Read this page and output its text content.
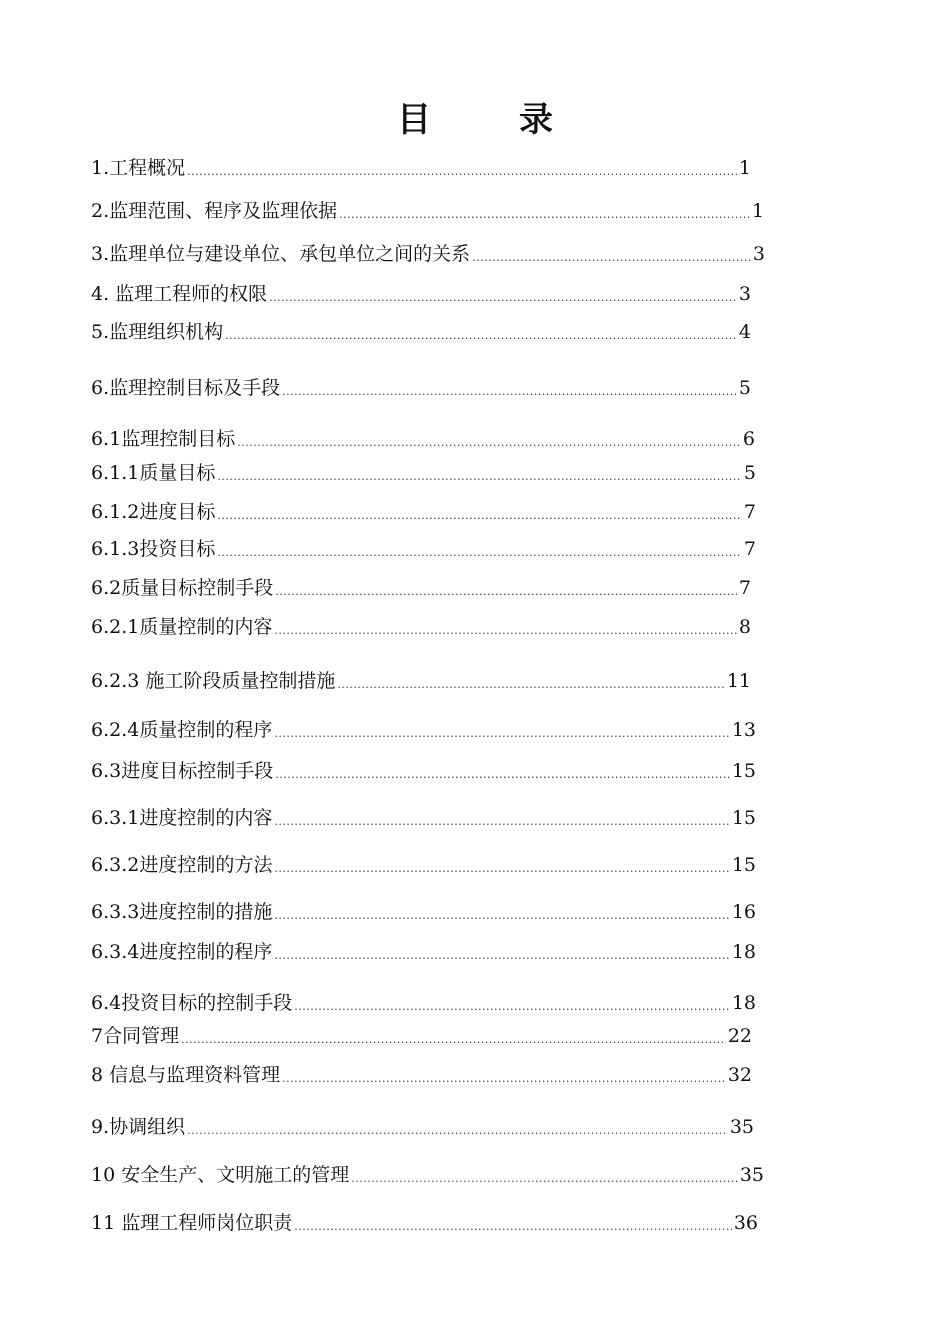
目	录
1.工程概况 .....	1
2.监理范围、程序及监理依据 .....	1
3.监理单位与建设单位、承包单位之间的关系 .....	3
4. 监理工程师的权限 .....	3
5.监理组织机构 .....	4
6.监理控制目标及手段 .....	5
6.1监理控制目标 .....	6
6.1.1质量目标 .....	5
6.1.2进度目标 .....	7
6.1.3投资目标 .....	7
6.2质量目标控制手段 .....	7
6.2.1质量控制的内容 .....	8
6.2.3 施工阶段质量控制措施 .....	11
6.2.4质量控制的程序 .....	13
6.3进度目标控制手段 .....	15
6.3.1进度控制的内容 .....	15
6.3.2进度控制的方法 .....	15
6.3.3进度控制的措施 .....	16
6.3.4进度控制的程序 .....	18
6.4投资目标的控制手段 .....	18
7合同管理 .....	22
8 信息与监理资料管理 .....	32
9.协调组织 .....	35
10 安全生产、文明施工的管理 .....	35
11 监理工程师岗位职责 .....	36
